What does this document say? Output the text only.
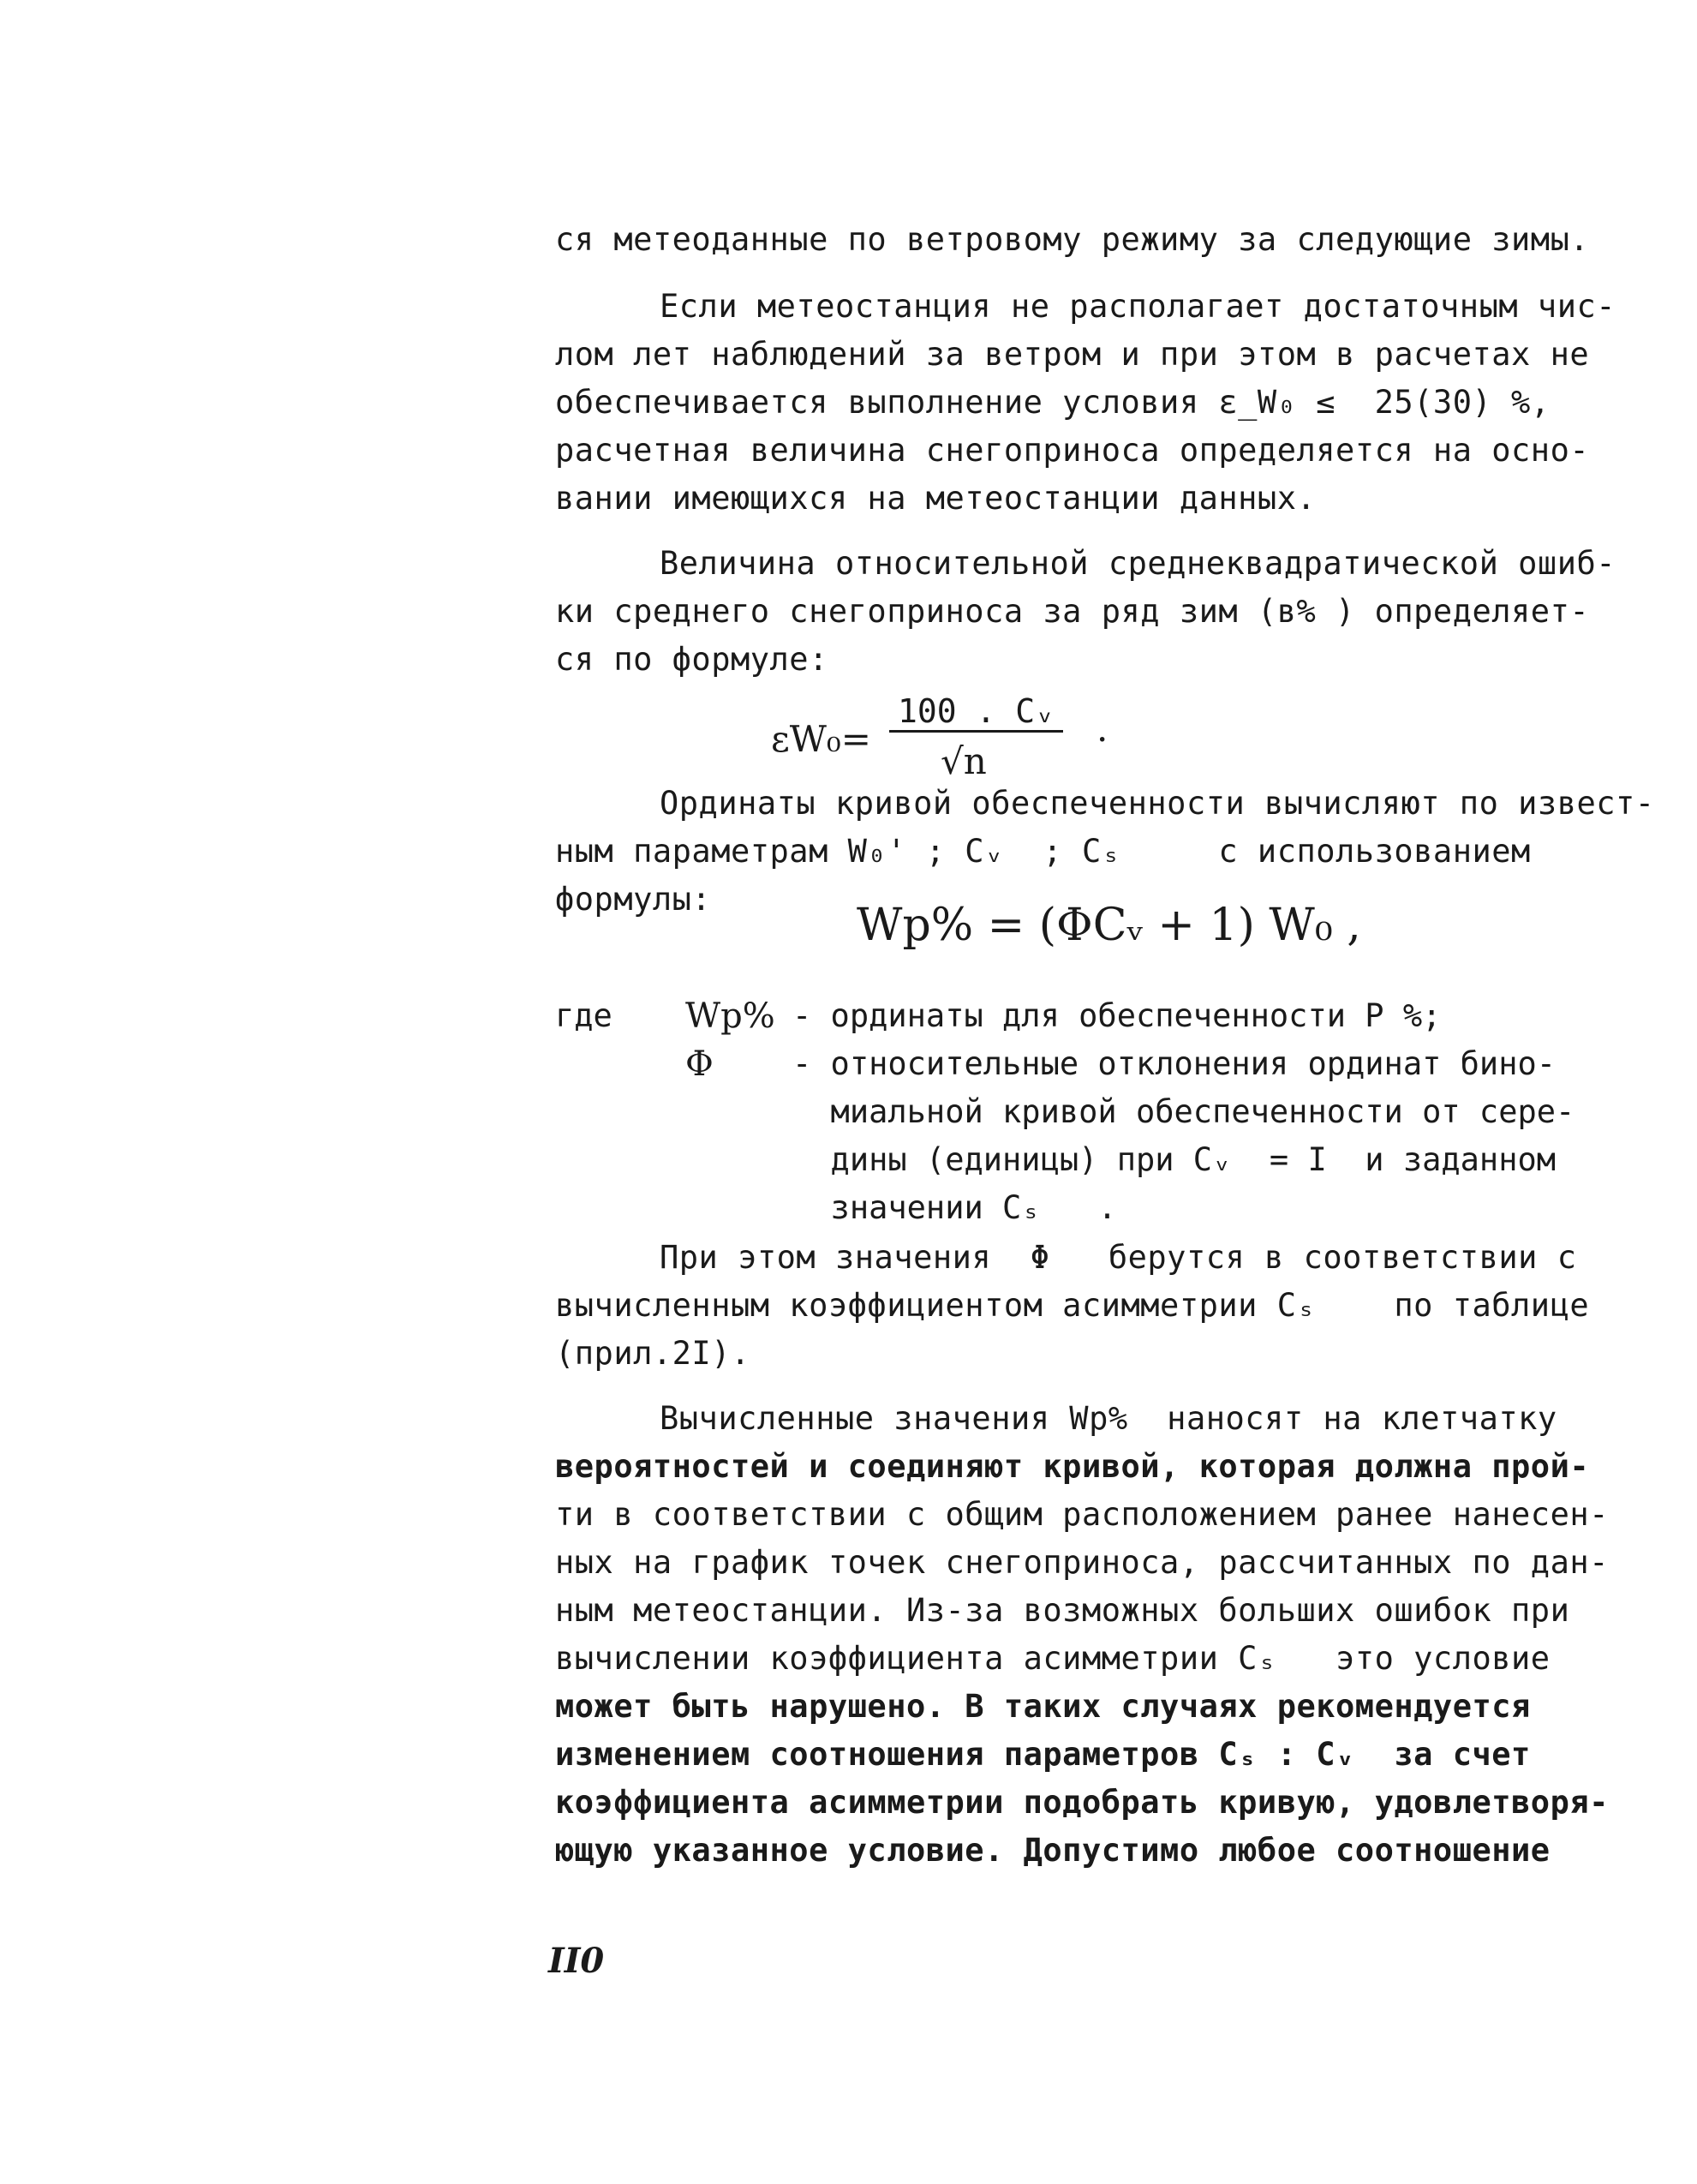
ся метеоданные по ветровому режиму за следующие зимы.
Если метеостанция не располагает достаточным чис-
лом лет наблюдений за ветром и при этом в расчетах не
обеспечивается выполнение условия ε_W₀ ≤  25(30) %,
расчетная величина снегоприноса определяется на осно-
вании имеющихся на метеостанции данных.
Величина относительной среднеквадратической ошиб-
ки среднего снегоприноса за ряд зим (в% ) определяет-
ся по формуле:
εW₀=
100 . Cᵥ
√n
.
Ординаты кривой обеспеченности вычисляют по извест-
ным параметрам W₀' ; Cᵥ  ; Cₛ     с использованием
формулы:
Wp% = (ΦCᵥ + 1) W₀ ,
где Wp% - ординаты для обеспеченности P %;
Φ - относительные отклонения ординат бино-
миальной кривой обеспеченности от сере-
дины (единицы) при Cᵥ  = I  и заданном
значении Cₛ   .
При этом значения  Φ   берутся в соответствии с
вычисленным коэффициентом асимметрии Cₛ    по таблице
(прил.2I).
Вычисленные значения Wp%  наносят на клетчатку
вероятностей и соединяют кривой, которая должна прой-
ти в соответствии с общим расположением ранее нанесен-
ных на график точек снегоприноса, рассчитанных по дан-
ным метеостанции. Из-за возможных больших ошибок при
вычислении коэффициента асимметрии Cₛ   это условие
может быть нарушено. В таких случаях рекомендуется
изменением соотношения параметров Cₛ : Cᵥ  за счет
коэффициента асимметрии подобрать кривую, удовлетворя-
ющую указанное условие. Допустимо любое соотношение
II0
